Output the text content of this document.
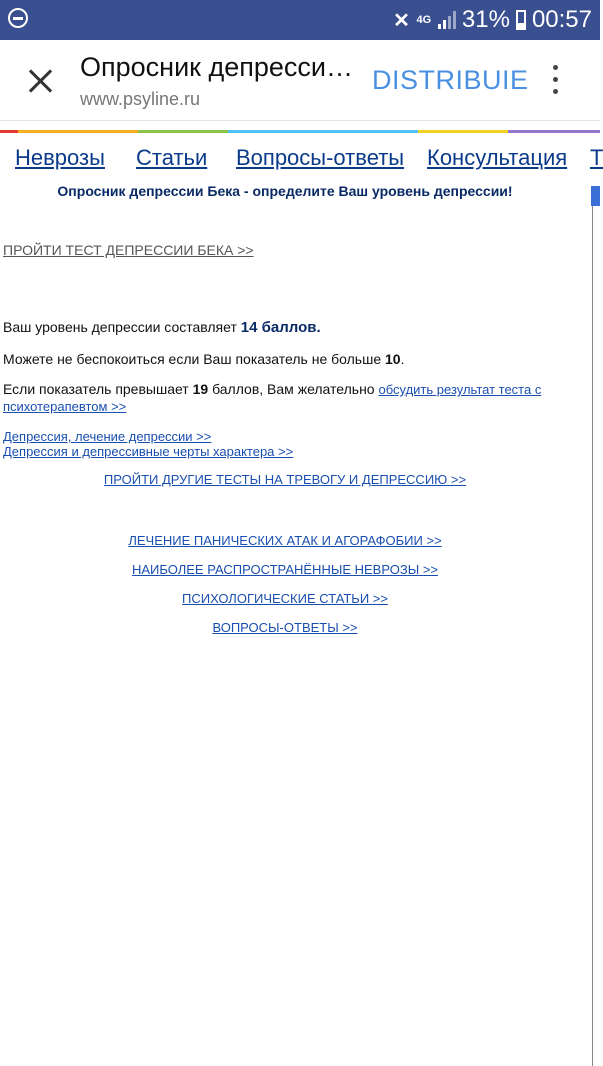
✕ 4G 31% 00:57
Опросник депресси…
www.psyline.ru
DISTRIBUIE
Неврозы Статьи Вопросы-ответы Консультация Т
Опросник депрессии Бека - определите Ваш уровень депрессии!
ПРОЙТИ ТЕСТ ДЕПРЕССИИ БЕКА >>
Ваш уровень депрессии составляет 14 баллов.
Можете не беспокоиться если Ваш показатель не больше 10.
Если показатель превышает 19 баллов, Вам желательно обсудить результат теста с
психотерапевтом >>
Депрессия, лечение депрессии >>
Депрессия и депрессивные черты характера >>
ПРОЙТИ ДРУГИЕ ТЕСТЫ НА ТРЕВОГУ И ДЕПРЕССИЮ >>
ЛЕЧЕНИЕ ПАНИЧЕСКИХ АТАК И АГОРАФОБИИ >>
НАИБОЛЕЕ РАСПРОСТРАНЁННЫЕ НЕВРОЗЫ >>
ПСИХОЛОГИЧЕСКИЕ СТАТЬИ >>
ВОПРОСЫ-ОТВЕТЫ >>
